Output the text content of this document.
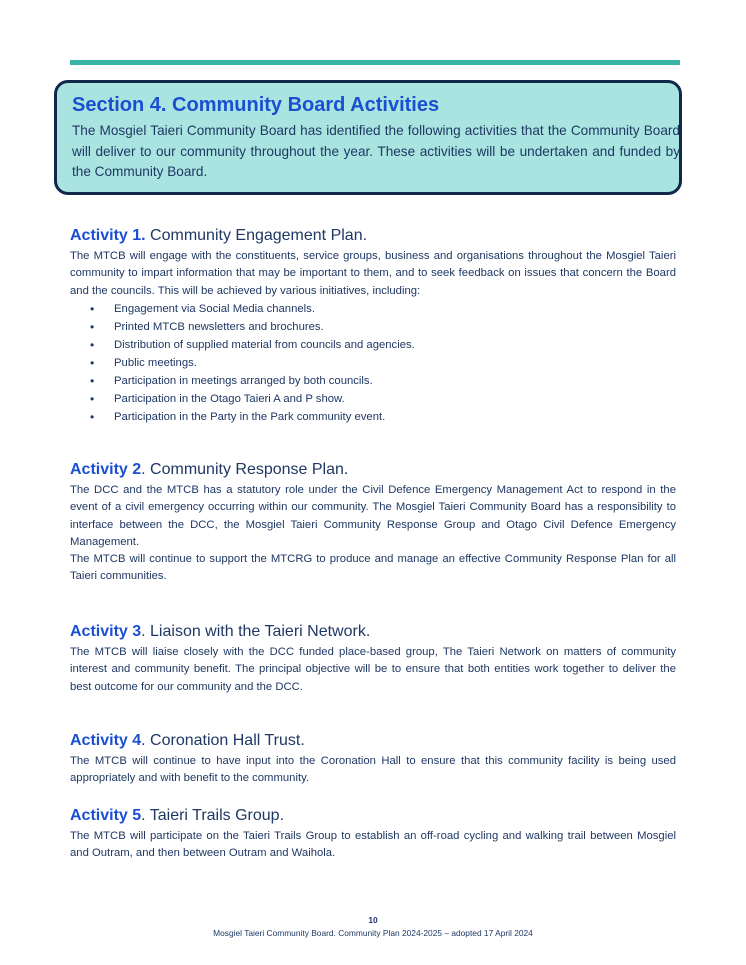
Section 4. Community Board Activities

The Mosgiel Taieri Community Board has identified the following activities that the Community Board will deliver to our community throughout the year. These activities will be undertaken and funded by the Community Board.

Activity 1. Community Engagement Plan.

The MTCB will engage with the constituents, service groups, business and organisations throughout the Mosgiel Taieri community to impart information that may be important to them, and to seek feedback on issues that concern the Board and the councils. This will be achieved by various initiatives, including:

• Engagement via Social Media channels.
• Printed MTCB newsletters and brochures.
• Distribution of supplied material from councils and agencies.
• Public meetings.
• Participation in meetings arranged by both councils.
• Participation in the Otago Taieri A and P show.
• Participation in the Party in the Park community event.
Activity 2. Community Response Plan.

The DCC and the MTCB has a statutory role under the Civil Defence Emergency Management Act to respond in the event of a civil emergency occurring within our community. The Mosgiel Taieri Community Board has a responsibility to interface between the DCC, the Mosgiel Taieri Community Response Group and Otago Civil Defence Emergency Management.

The MTCB will continue to support the MTCRG to produce and manage an effective Community Response Plan for all Taieri communities.

Activity 3. Liaison with the Taieri Network.

The MTCB will liaise closely with the DCC funded place-based group, The Taieri Network on matters of community interest and community benefit. The principal objective will be to ensure that both entities work together to deliver the best outcome for our community and the DCC.

Activity 4. Coronation Hall Trust.

The MTCB will continue to have input into the Coronation Hall to ensure that this community facility is being used appropriately and with benefit to the community.

Activity 5. Taieri Trails Group.

The MTCB will participate on the Taieri Trails Group to establish an off-road cycling and walking trail between Mosgiel and Outram, and then between Outram and Waihola.

10
Mosgiel Taieri Community Board. Community Plan 2024-2025 – adopted 17 April 2024
